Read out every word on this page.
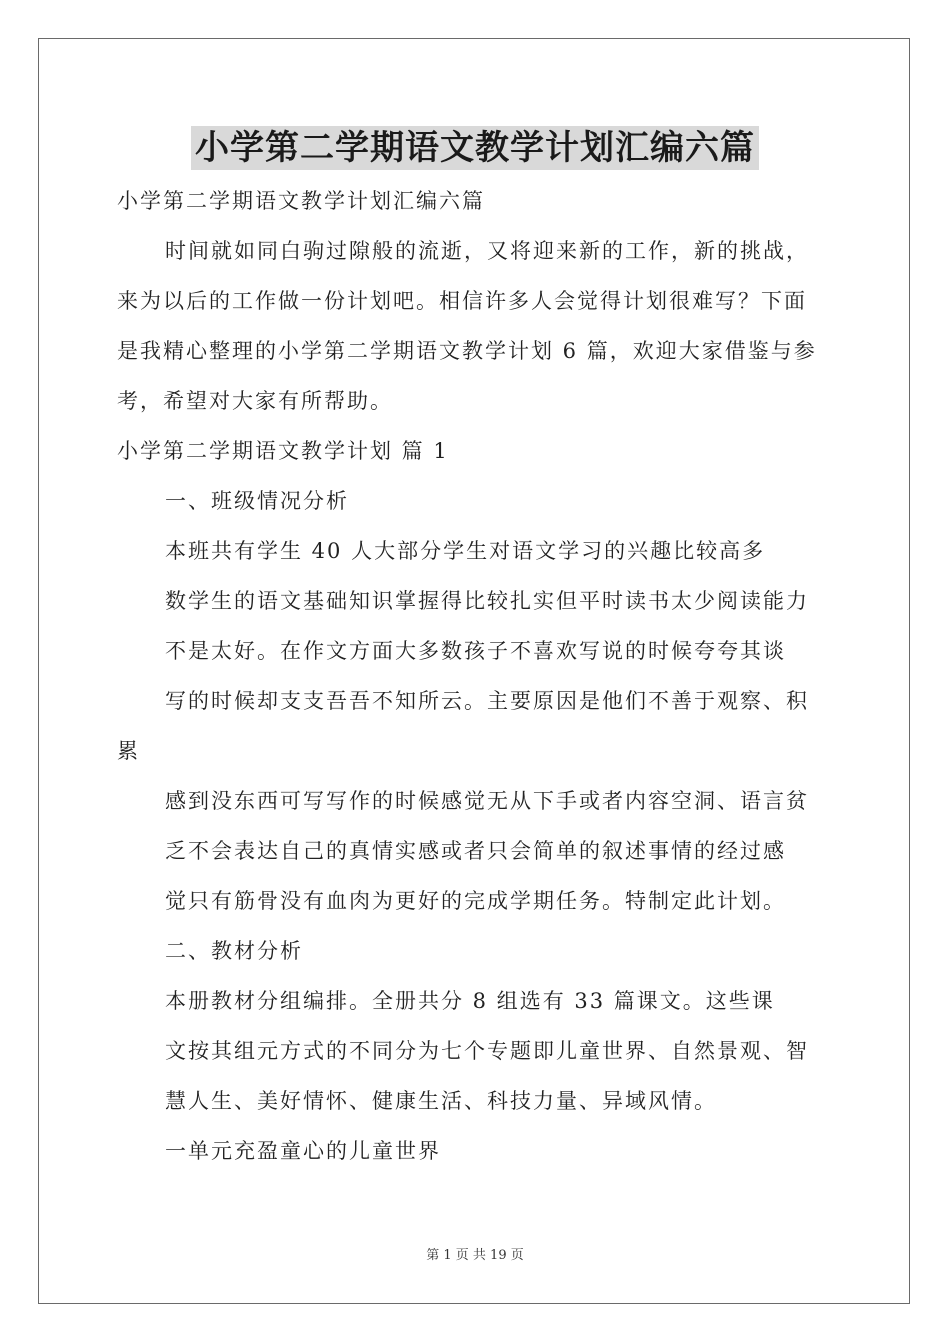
小学第二学期语文教学计划汇编六篇
小学第二学期语文教学计划汇编六篇
时间就如同白驹过隙般的流逝，又将迎来新的工作，新的挑战，
来为以后的工作做一份计划吧。相信许多人会觉得计划很难写？下面
是我精心整理的小学第二学期语文教学计划 6 篇，欢迎大家借鉴与参
考，希望对大家有所帮助。
小学第二学期语文教学计划 篇 1
一、班级情况分析
本班共有学生 40 人大部分学生对语文学习的兴趣比较高多
数学生的语文基础知识掌握得比较扎实但平时读书太少阅读能力
不是太好。在作文方面大多数孩子不喜欢写说的时候夸夸其谈
写的时候却支支吾吾不知所云。主要原因是他们不善于观察、积
累
感到没东西可写写作的时候感觉无从下手或者内容空洞、语言贫
乏不会表达自己的真情实感或者只会简单的叙述事情的经过感
觉只有筋骨没有血肉为更好的完成学期任务。特制定此计划。
二、教材分析
本册教材分组编排。全册共分 8 组选有 33 篇课文。这些课
文按其组元方式的不同分为七个专题即儿童世界、自然景观、智
慧人生、美好情怀、健康生活、科技力量、异域风情。
一单元充盈童心的儿童世界
第 1 页 共 19 页
